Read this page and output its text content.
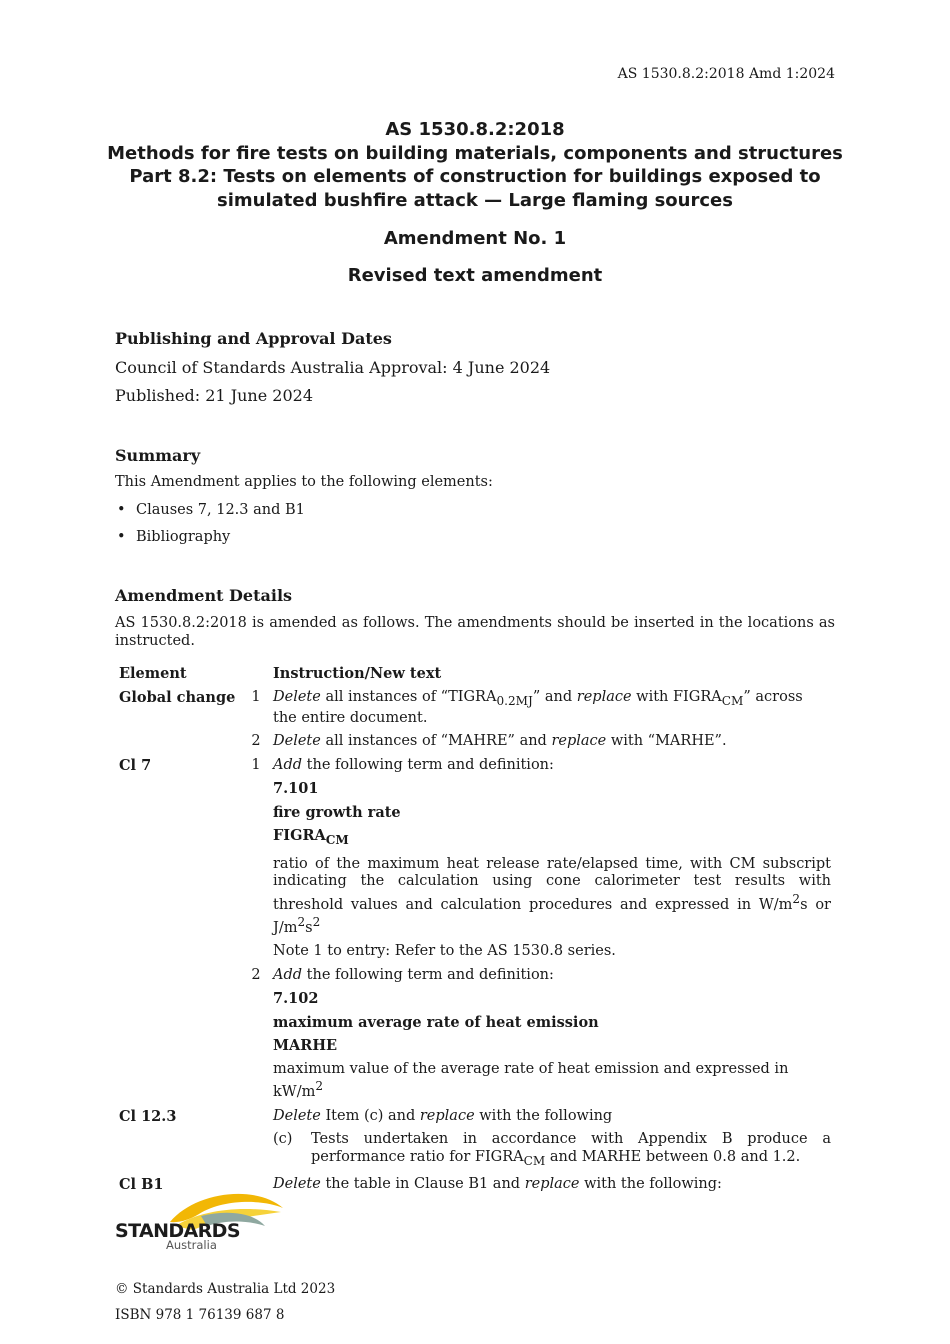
AS 1530.8.2:2018 Amd 1:2024
AS 1530.8.2:2018
Methods for fire tests on building materials, components and structures
Part 8.2: Tests on elements of construction for buildings exposed to
simulated bushfire attack — Large flaming sources
Amendment No. 1
Revised text amendment
Publishing and Approval Dates
Council of Standards Australia Approval: 4 June 2024
Published: 21 June 2024
Summary
This Amendment applies to the following elements:
• Clauses 7, 12.3 and B1
• Bibliography
Amendment Details
AS 1530.8.2:2018 is amended as follows. The amendments should be inserted in the locations as instructed.
Element		Instruction/New text
Global change	1	Delete all instances of “$TIGRA_{0.2MJ}$” and replace with $FIGRA_{CM}$” across the entire document.
	2	Delete all instances of “MAHRE” and replace with “MARHE”.
Cl 7	1	Add the following term and definition:
		7.101
		fire growth rate
		$FIGRA_{CM}$
		ratio of the maximum heat release rate/elapsed time, with CM subscript indicating the calculation using cone calorimeter test results with threshold values and calculation procedures and expressed in $W/m^2s$ or $J/m^2s^2$
		Note 1 to entry: Refer to the AS 1530.8 series.
	2	Add the following term and definition:
		7.102
		maximum average rate of heat emission
		MARHE
		maximum value of the average rate of heat emission and expressed in $kW/m^2$
Cl 12.3		Delete Item (c) and replace with the following

		(c) Tests undertaken in accordance with Appendix B produce a performance ratio for $FIGRA_{CM}$ and MARHE between 0.8 and 1.2.

Cl B1		Delete the table in Clause B1 and replace with the following:
STANDARDS
Australia
© Standards Australia Ltd 2023
ISBN 978 1 76139 687 8
